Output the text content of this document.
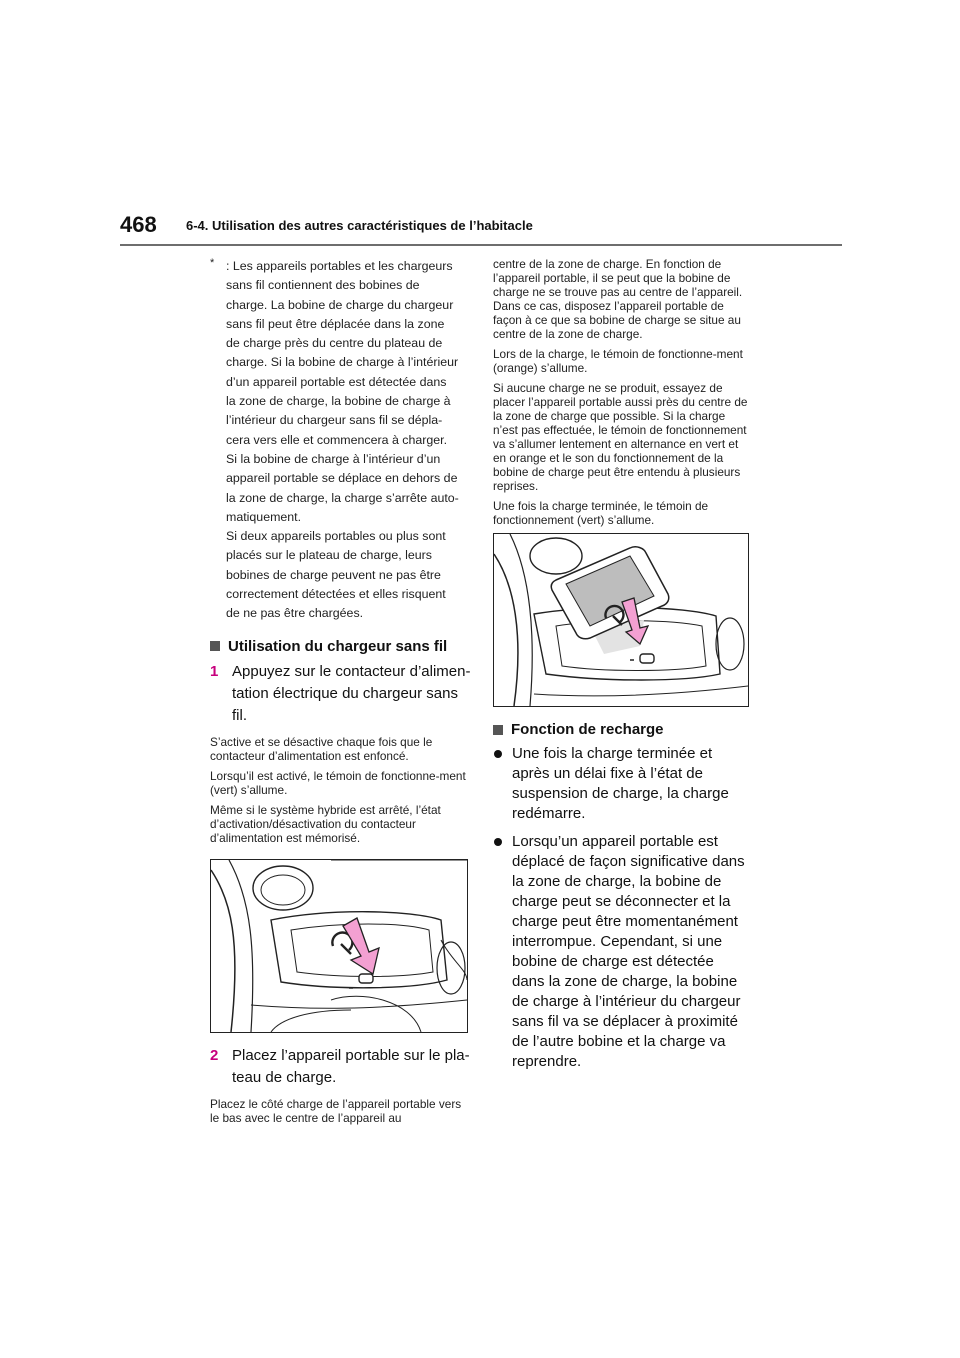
468 6-4. Utilisation des autres caractéristiques de l’habitacle
* : Les appareils portables et les chargeurs

sans fil contiennent des bobines de

charge. La bobine de charge du chargeur

sans fil peut être déplacée dans la zone

de charge près du centre du plateau de

charge. Si la bobine de charge à l’intérieur

d’un appareil portable est détectée dans

la zone de charge, la bobine de charge à

l’intérieur du chargeur sans fil se dépla-

cera vers elle et commencera à charger.

Si la bobine de charge à l’intérieur d’un

appareil portable se déplace en dehors de

la zone de charge, la charge s’arrête auto-

matiquement.

Si deux appareils portables ou plus sont

placés sur le plateau de charge, leurs

bobines de charge peuvent ne pas être

correctement détectées et elles risquent

de ne pas être chargées.

Utilisation du chargeur sans fil
1 Appuyez sur le contacteur d’alimen-tation électrique du chargeur sans fil.

S’active et se désactive chaque fois que le contacteur d’alimentation est enfoncé.

Lorsqu’il est activé, le témoin de fonctionne-ment (vert) s’allume.

Même si le système hybride est arrêté, l’état d’activation/désactivation du contacteur d’alimentation est mémorisé.

2 Placez l’appareil portable sur le pla-teau de charge.

Placez le côté charge de l’appareil portable vers le bas avec le centre de l’appareil au

centre de la zone de charge. En fonction de l’appareil portable, il se peut que la bobine de charge ne se trouve pas au centre de l’appareil. Dans ce cas, disposez l’appareil portable de façon à ce que sa bobine de charge se situe au centre de la zone de charge.

Lors de la charge, le témoin de fonctionne-ment (orange) s’allume.

Si aucune charge ne se produit, essayez de placer l’appareil portable aussi près du centre de la zone de charge que possible. Si la charge n’est pas effectuée, le témoin de fonctionnement va s’allumer lentement en alternance en vert et en orange et le son du fonctionnement de la bobine de charge peut être entendu à plusieurs reprises.

Une fois la charge terminée, le témoin de fonctionnement (vert) s’allume.

Fonction de recharge
Une fois la charge terminée et après un délai fixe à l’état de suspension de charge, la charge redémarre.
Lorsqu’un appareil portable est déplacé de façon significative dans la zone de charge, la bobine de charge peut se déconnecter et la charge peut être momentanément interrompue. Cependant, si une bobine de charge est détectée dans la zone de charge, la bobine de charge à l’intérieur du chargeur sans fil va se déplacer à proximité de l’autre bobine et la charge va reprendre.
